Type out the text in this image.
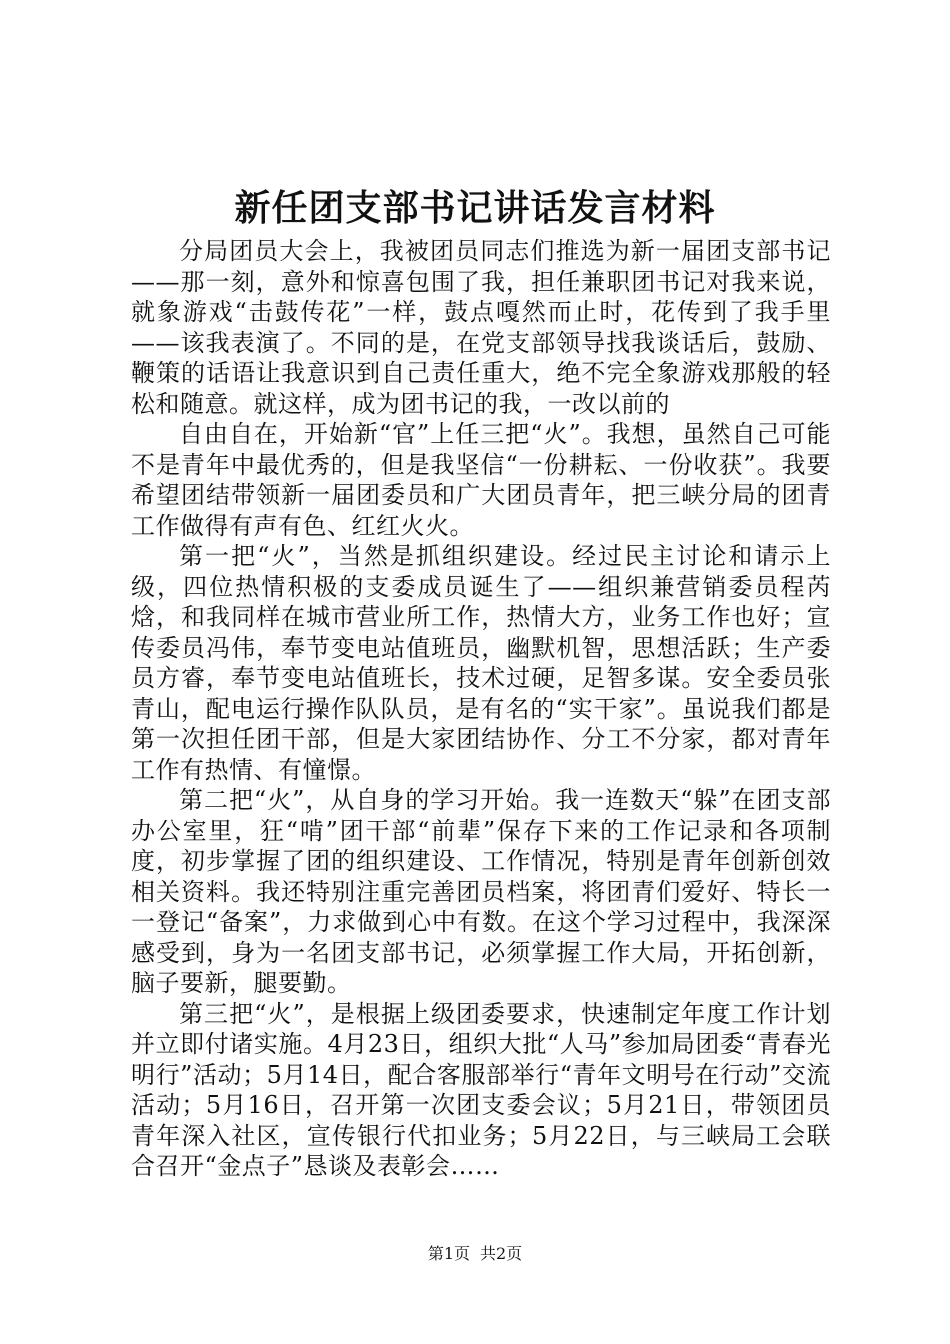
新任团支部书记讲话发言材料

分局团员大会上，我被团员同志们推选为新一届团支部书记——那一刻，意外和惊喜包围了我，担任兼职团书记对我来说，就象游戏“击鼓传花”一样，鼓点嘎然而止时，花传到了我手里——该我表演了。不同的是，在党支部领导找我谈话后，鼓励、鞭策的话语让我意识到自己责任重大，绝不完全象游戏那般的轻松和随意。就这样，成为团书记的我，一改以前的

自由自在，开始新“官”上任三把“火”。我想，虽然自己可能不是青年中最优秀的，但是我坚信“一份耕耘、一份收获”。我要希望团结带领新一届团委员和广大团员青年，把三峡分局的团青工作做得有声有色、红红火火。

第一把“火”，当然是抓组织建设。经过民主讨论和请示上级，四位热情积极的支委成员诞生了——组织兼营销委员程芮焓，和我同样在城市营业所工作，热情大方，业务工作也好；宣传委员冯伟，奉节变电站值班员，幽默机智，思想活跃；生产委员方睿，奉节变电站值班长，技术过硬，足智多谋。安全委员张青山，配电运行操作队队员，是有名的“实干家”。虽说我们都是第一次担任团干部，但是大家团结协作、分工不分家，都对青年工作有热情、有憧憬。

第二把“火”，从自身的学习开始。我一连数天“躲”在团支部办公室里，狂“啃”团干部“前辈”保存下来的工作记录和各项制度，初步掌握了团的组织建设、工作情况，特别是青年创新创效相关资料。我还特别注重完善团员档案，将团青们爱好、特长一一登记“备案”，力求做到心中有数。在这个学习过程中，我深深感受到，身为一名团支部书记，必须掌握工作大局，开拓创新，脑子要新，腿要勤。

第三把“火”，是根据上级团委要求，快速制定年度工作计划并立即付诸实施。4月23日，组织大批“人马”参加局团委“青春光明行”活动；5月14日，配合客服部举行“青年文明号在行动”交流活动；5月16日，召开第一次团支委会议；5月21日，带领团员青年深入社区，宣传银行代扣业务；5月22日，与三峡局工会联合召开“金点子”恳谈及表彰会……

第1页 共2页
